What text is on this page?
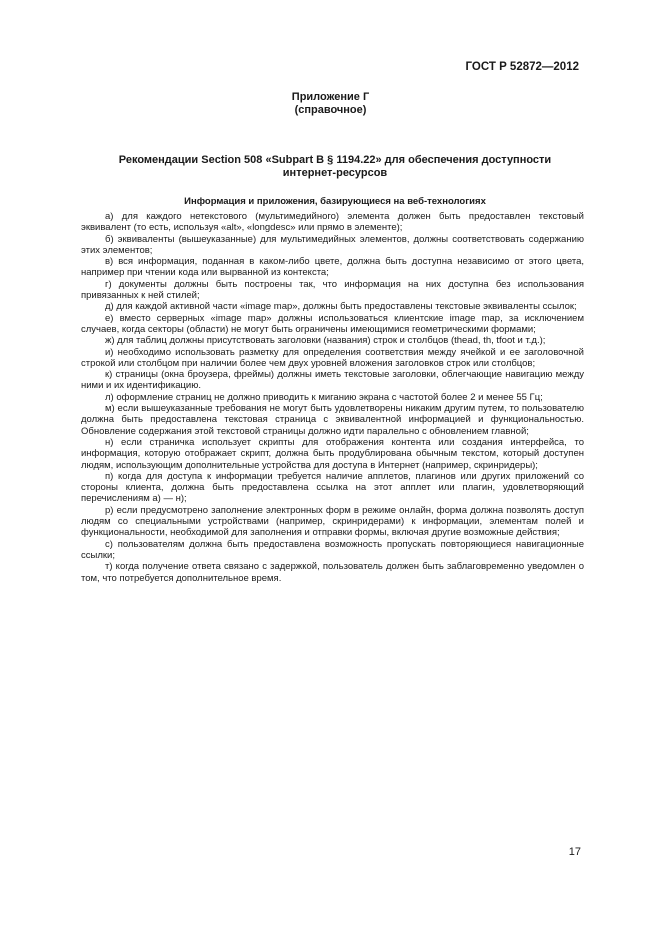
ГОСТ Р 52872—2012
Приложение Г
(справочное)
Рекомендации Section 508 «Subpart B § 1194.22» для обеспечения доступности
интернет-ресурсов
Информация и приложения, базирующиеся на веб-технологиях

а) для каждого нетекстового (мультимедийного) элемента должен быть предоставлен текстовый эквивалент (то есть, используя «alt», «longdesc» или прямо в элементе);

б) эквиваленты (вышеуказанные) для мультимедийных элементов, должны соответствовать содержанию этих элементов;

в) вся информация, поданная в каком-либо цвете, должна быть доступна независимо от этого цвета, например при чтении кода или вырванной из контекста;

г) документы должны быть построены так, что информация на них доступна без использования привязанных к ней стилей;

д) для каждой активной части «image map», должны быть предоставлены текстовые эквиваленты ссылок;

е) вместо серверных «image map» должны использоваться клиентские image map, за исключением случаев, когда секторы (области) не могут быть ограничены имеющимися геометрическими формами;

ж) для таблиц должны присутствовать заголовки (названия) строк и столбцов (thead, th, tfoot и т.д.);

и) необходимо использовать разметку для определения соответствия между ячейкой и ее заголовочной строкой или столбцом при наличии более чем двух уровней вложения заголовков строк или столбцов;

к) страницы (окна броузера, фреймы) должны иметь текстовые заголовки, облегчающие навигацию между ними и их идентификацию.

л) оформление страниц не должно приводить к миганию экрана с частотой более 2 и менее 55 Гц;

м) если вышеуказанные требования не могут быть удовлетворены никаким другим путем, то пользователю должна быть предоставлена текстовая страница с эквивалентной информацией и функциональностью. Обновление содержания этой текстовой страницы должно идти паралельно с обновлением главной;

н) если страничка использует скрипты для отображения контента или создания интерфейса, то информация, которую отображает скрипт, должна быть продублирована обычным текстом, который доступен людям, использующим дополнительные устройства для доступа в Интернет (например, скринридеры);

п) когда для доступа к информации требуется наличие апплетов, плагинов или других приложений со стороны клиента, должна быть предоставлена ссылка на этот апплет или плагин, удовлетворяющий перечислениям а) — н);

р) если предусмотрено заполнение электронных форм в режиме онлайн, форма должна позволять доступ людям со специальными устройствами (например, скринридерами) к информации, элементам полей и функциональности, необходимой для заполнения и отправки формы, включая другие возможные действия;

с) пользователям должна быть предоставлена возможность пропускать повторяющиеся навигационные ссылки;

т) когда получение ответа связано с задержкой, пользователь должен быть заблаговременно уведомлен о том, что потребуется дополнительное время.

17
